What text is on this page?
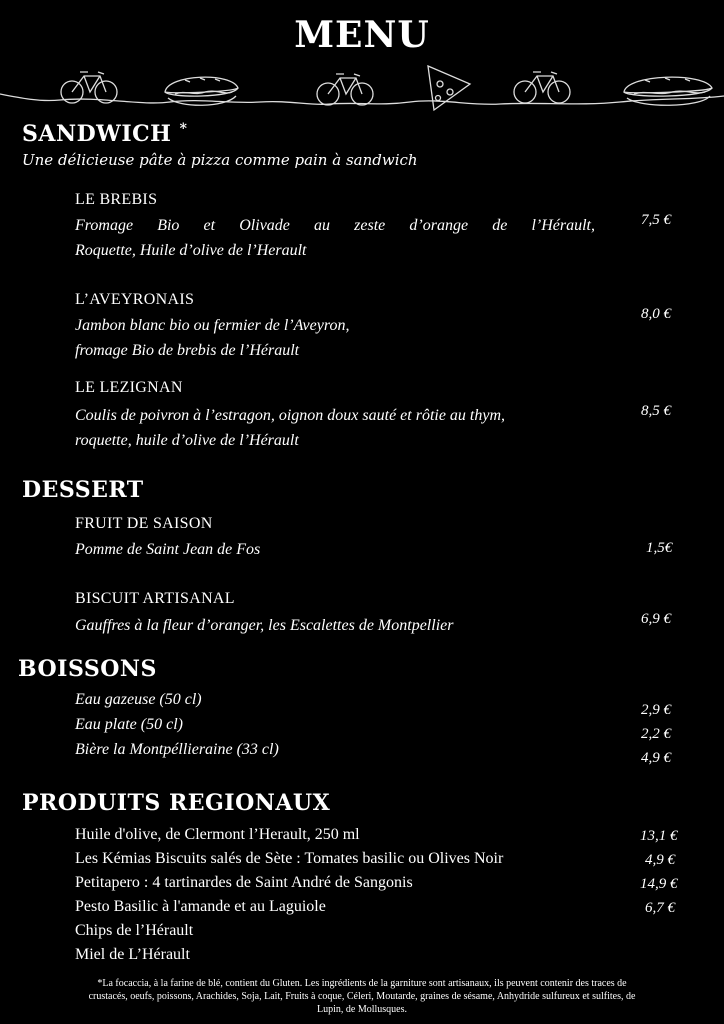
MENU
SANDWICH *
Une délicieuse pâte à pizza comme pain à sandwich
LE BREBIS
Fromage Bio et Olivade au zeste d’orange de l’Hérault,
Roquette, Huile d’olive de l’Herault
7,5 €
L’AVEYRONAIS
Jambon blanc bio ou fermier de l’Aveyron,
fromage Bio de brebis de l’Hérault
8,0 €
LE LEZIGNAN
Coulis de poivron à l’estragon, oignon doux sauté et rôtie au thym,
roquette, huile d’olive de l’Hérault
8,5 €
DESSERT
FRUIT DE SAISON
Pomme de Saint Jean de Fos	1,5€
BISCUIT ARTISANAL
Gauffres à la fleur d’oranger, les Escalettes de Montpellier	6,9 €
BOISSONS
Eau gazeuse (50 cl)
Eau plate (50 cl)
Bière la Montpéllieraine (33 cl)
2,9 €
2,2 €
4,9 €
PRODUITS REGIONAUX
Huile d'olive, de Clermont l’Herault, 250 ml
Les Kémias Biscuits salés de Sète : Tomates basilic ou Olives Noir
Petitapero : 4 tartinardes de Saint André de Sangonis
Pesto Basilic à l'amande et au Laguiole
Chips de l’Hérault
Miel de L’Hérault
13,1 €
4,9 €
14,9 €
6,7 €
*La focaccia, à la farine de blé, contient du Gluten. Les ingrédients de la garniture sont artisanaux, ils peuvent contenir des traces de
crustacés, oeufs, poissons, Arachides, Soja, Lait, Fruits à coque, Céleri, Moutarde, graines de sésame, Anhydride sulfureux et sulfites, de
Lupin, de Mollusques.
